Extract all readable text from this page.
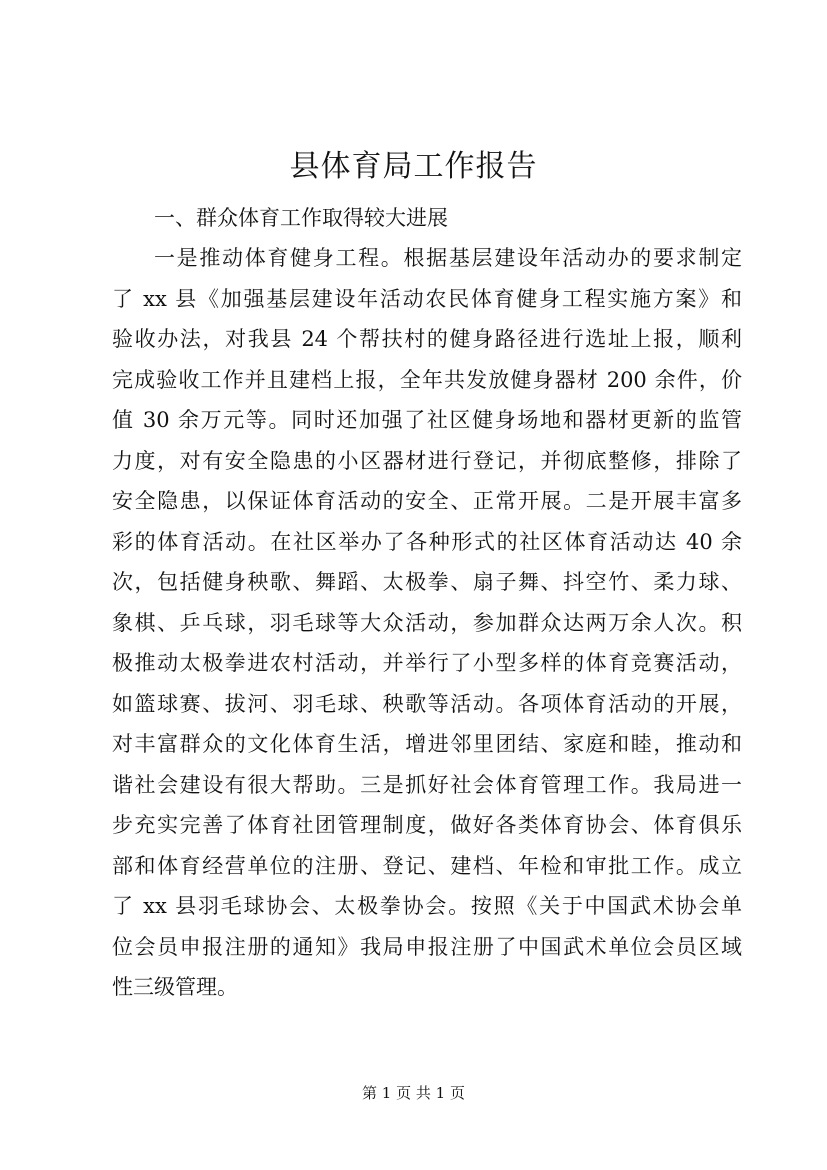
县体育局工作报告

一、群众体育工作取得较大进展

一是推动体育健身工程。根据基层建设年活动办的要求制定
了 xx 县《加强基层建设年活动农民体育健身工程实施方案》和
验收办法，对我县 24 个帮扶村的健身路径进行选址上报，顺利
完成验收工作并且建档上报，全年共发放健身器材 200 余件，价
值 30 余万元等。同时还加强了社区健身场地和器材更新的监管
力度，对有安全隐患的小区器材进行登记，并彻底整修，排除了
安全隐患，以保证体育活动的安全、正常开展。二是开展丰富多
彩的体育活动。在社区举办了各种形式的社区体育活动达 40 余
次，包括健身秧歌、舞蹈、太极拳、扇子舞、抖空竹、柔力球、
象棋、乒乓球，羽毛球等大众活动，参加群众达两万余人次。积
极推动太极拳进农村活动，并举行了小型多样的体育竞赛活动，
如篮球赛、拔河、羽毛球、秧歌等活动。各项体育活动的开展，
对丰富群众的文化体育生活，增进邻里团结、家庭和睦，推动和
谐社会建设有很大帮助。三是抓好社会体育管理工作。我局进一
步充实完善了体育社团管理制度，做好各类体育协会、体育俱乐
部和体育经营单位的注册、登记、建档、年检和审批工作。成立
了 xx 县羽毛球协会、太极拳协会。按照《关于中国武术协会单
位会员申报注册的通知》我局申报注册了中国武术单位会员区域
性三级管理。

第 1 页 共 1 页
